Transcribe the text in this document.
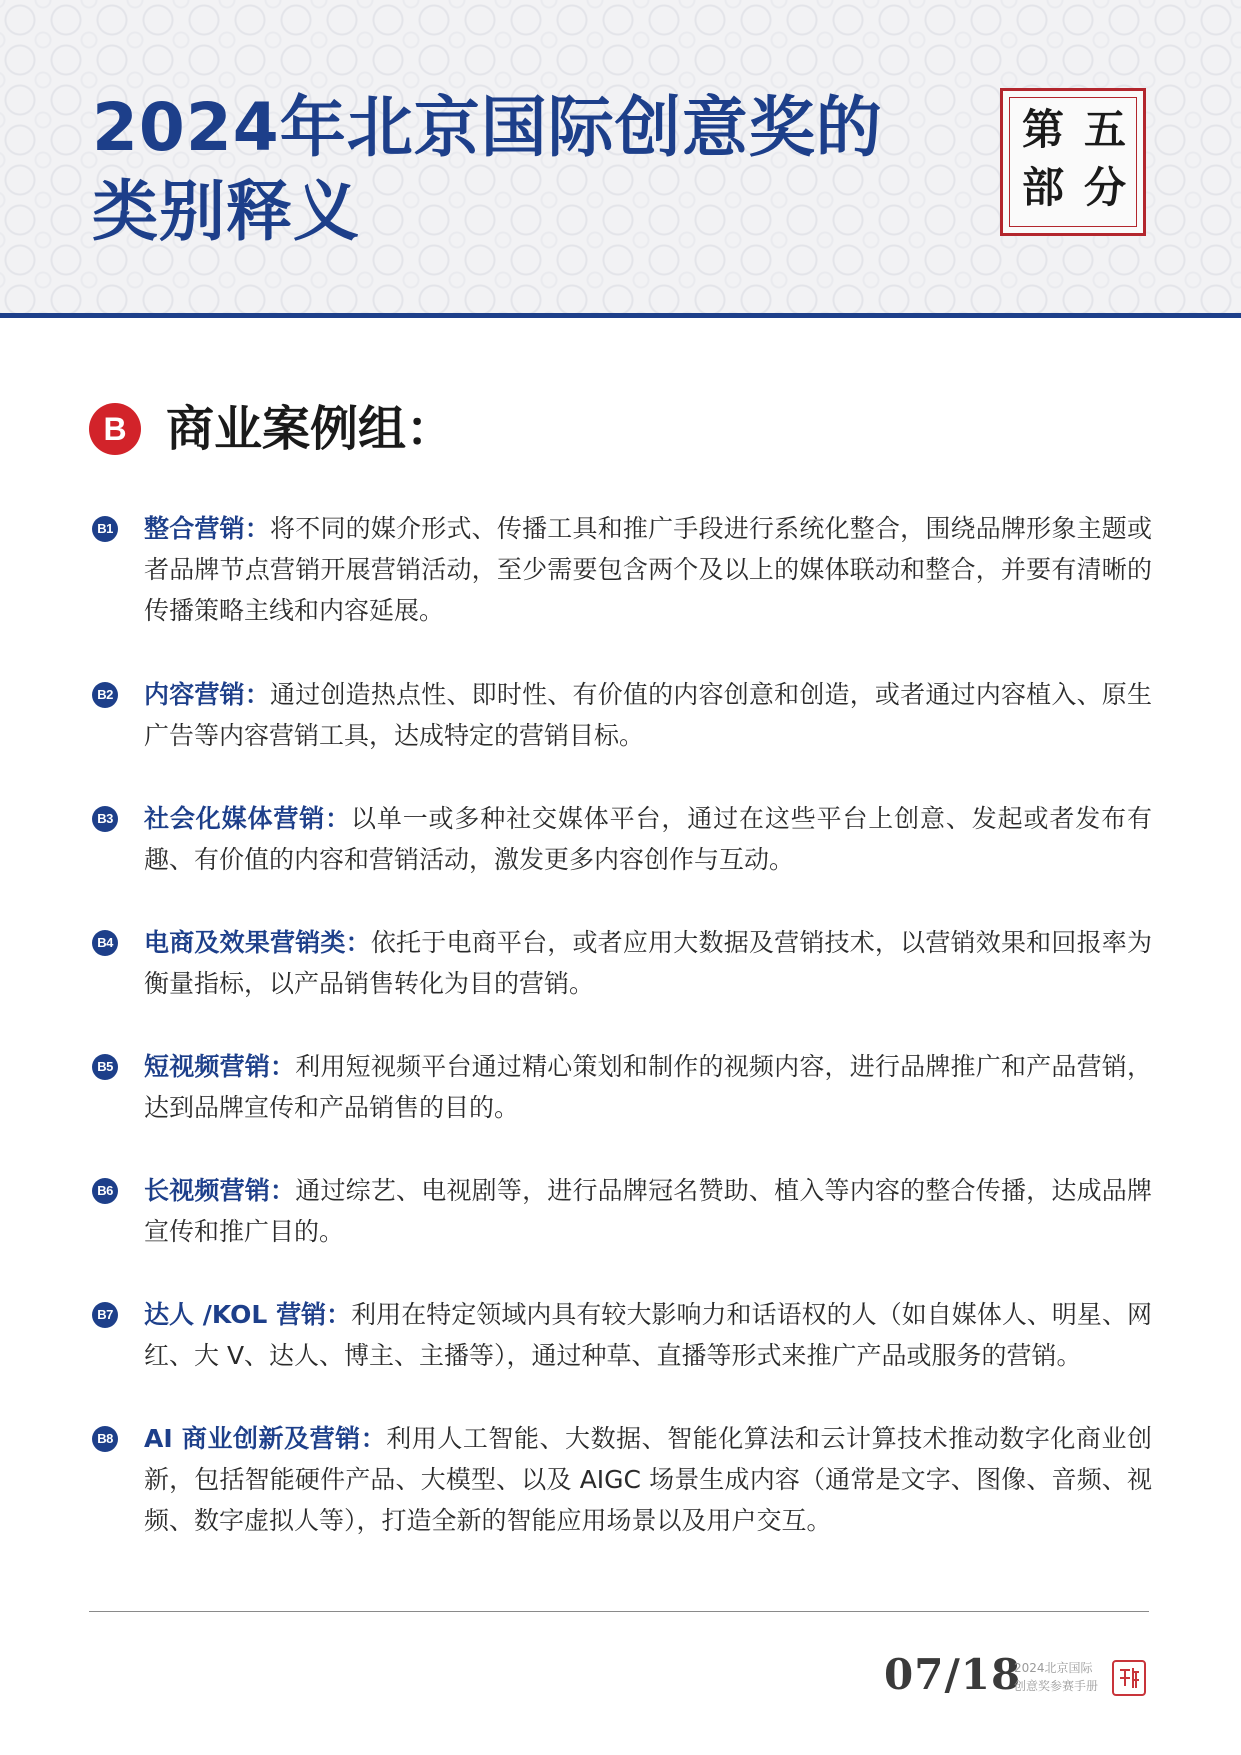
2024年北京国际创意奖的
类别释义
第 五
部 分
B 商业案例组：
B1 整合营销：将不同的媒介形式、传播工具和推广手段进行系统化整合，围绕品牌形象主题或者品牌节点营销开展营销活动，至少需要包含两个及以上的媒体联动和整合，并要有清晰的传播策略主线和内容延展。

B2 内容营销：通过创造热点性、即时性、有价值的内容创意和创造，或者通过内容植入、原生广告等内容营销工具，达成特定的营销目标。

B3 社会化媒体营销：以单一或多种社交媒体平台，通过在这些平台上创意、发起或者发布有趣、有价值的内容和营销活动，激发更多内容创作与互动。

B4 电商及效果营销类：依托于电商平台，或者应用大数据及营销技术，以营销效果和回报率为衡量指标，以产品销售转化为目的营销。

B5 短视频营销：利用短视频平台通过精心策划和制作的视频内容，进行品牌推广和产品营销，达到品牌宣传和产品销售的目的。

B6 长视频营销：通过综艺、电视剧等，进行品牌冠名赞助、植入等内容的整合传播，达成品牌宣传和推广目的。

B7 达人 /KOL 营销：利用在特定领域内具有较大影响力和话语权的人（如自媒体人、明星、网红、大 V、达人、博主、主播等），通过种草、直播等形式来推广产品或服务的营销。

B8 AI 商业创新及营销：利用人工智能、大数据、智能化算法和云计算技术推动数字化商业创新，包括智能硬件产品、大模型、以及 AIGC 场景生成内容（通常是文字、图像、音频、视频、数字虚拟人等），打造全新的智能应用场景以及用户交互。

07/18
2024北京国际
创意奖参赛手册
